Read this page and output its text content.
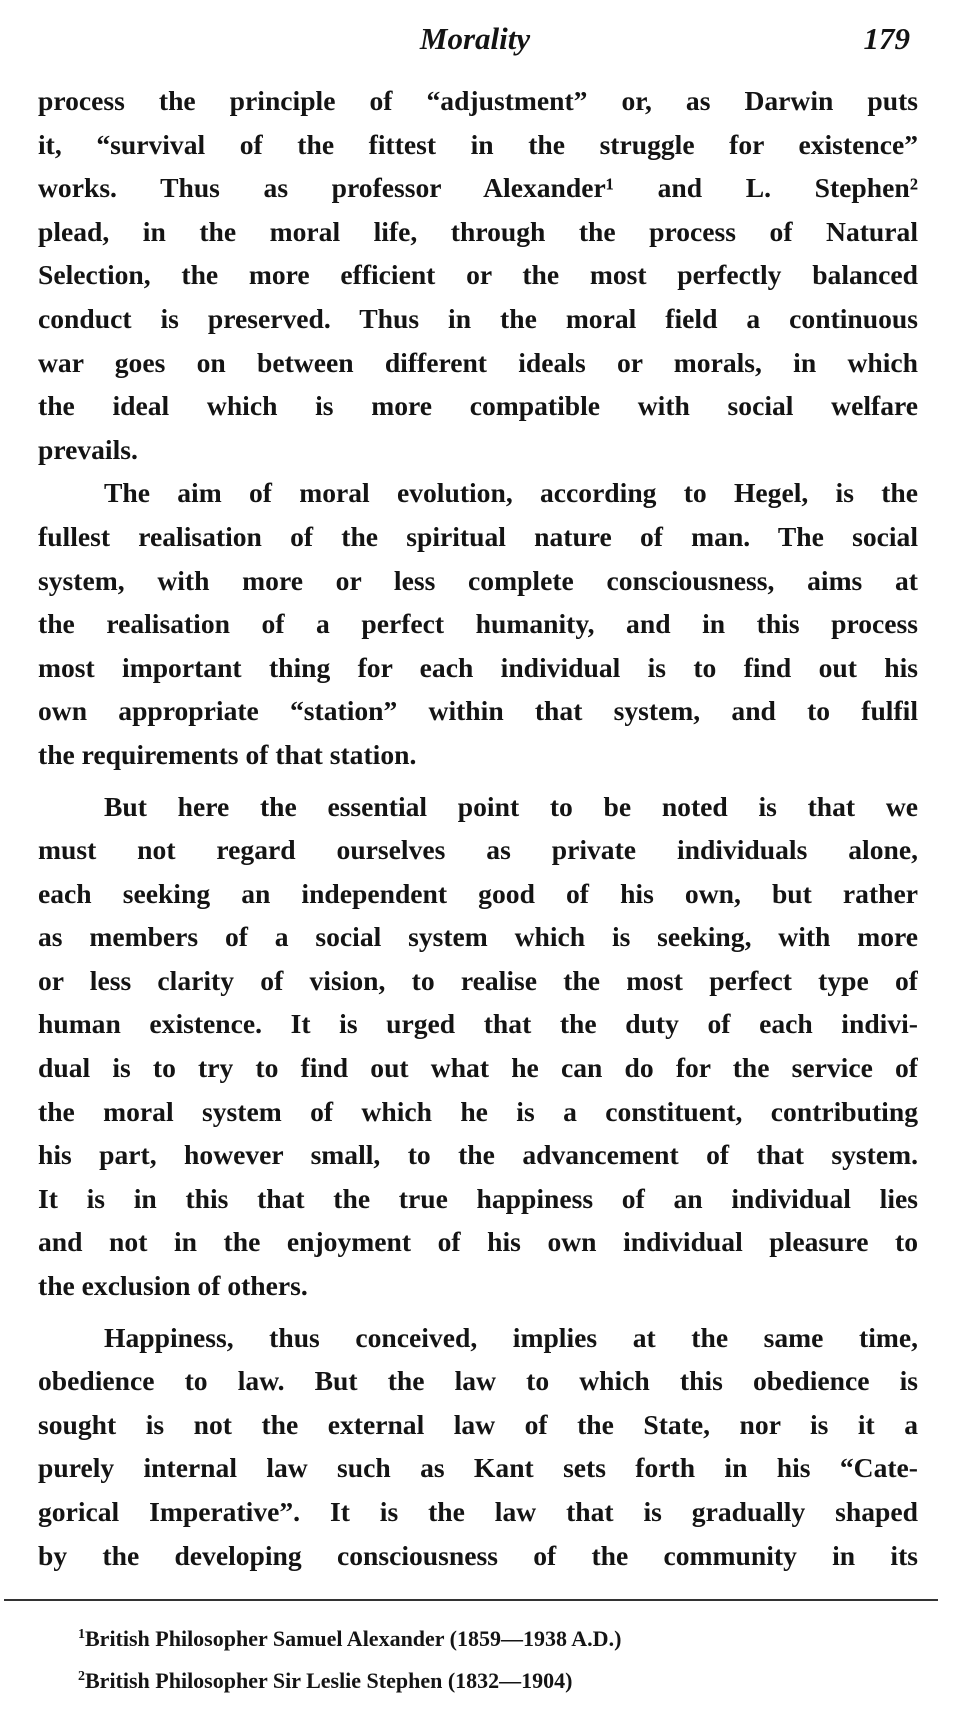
Morality	179
process the principle of “adjustment” or, as Darwin puts
it, “survival of the fittest in the struggle for existence”
works. Thus as professor Alexander¹ and L. Stephen²
plead, in the moral life, through the process of Natural
Selection, the more efficient or the most perfectly balanced
conduct is preserved. Thus in the moral field a continuous
war goes on between different ideals or morals, in which
the ideal which is more compatible with social welfare
prevails.
The aim of moral evolution, according to Hegel, is the
fullest realisation of the spiritual nature of man. The social
system, with more or less complete consciousness, aims at
the realisation of a perfect humanity, and in this process
most important thing for each individual is to find out his
own appropriate “station” within that system, and to fulfil
the requirements of that station.
But here the essential point to be noted is that we
must not regard ourselves as private individuals alone,
each seeking an independent good of his own, but rather
as members of a social system which is seeking, with more
or less clarity of vision, to realise the most perfect type of
human existence. It is urged that the duty of each indivi-
dual is to try to find out what he can do for the service of
the moral system of which he is a constituent, contributing
his part, however small, to the advancement of that system.
It is in this that the true happiness of an individual lies
and not in the enjoyment of his own individual pleasure to
the exclusion of others.
Happiness, thus conceived, implies at the same time,
obedience to law. But the law to which this obedience is
sought is not the external law of the State, nor is it a
purely internal law such as Kant sets forth in his “Cate-
gorical Imperative”. It is the law that is gradually shaped
by the developing consciousness of the community in its
$^1$British Philosopher Samuel Alexander (1859—1938 A.D.)
$^2$British Philosopher Sir Leslie Stephen (1832—1904)
